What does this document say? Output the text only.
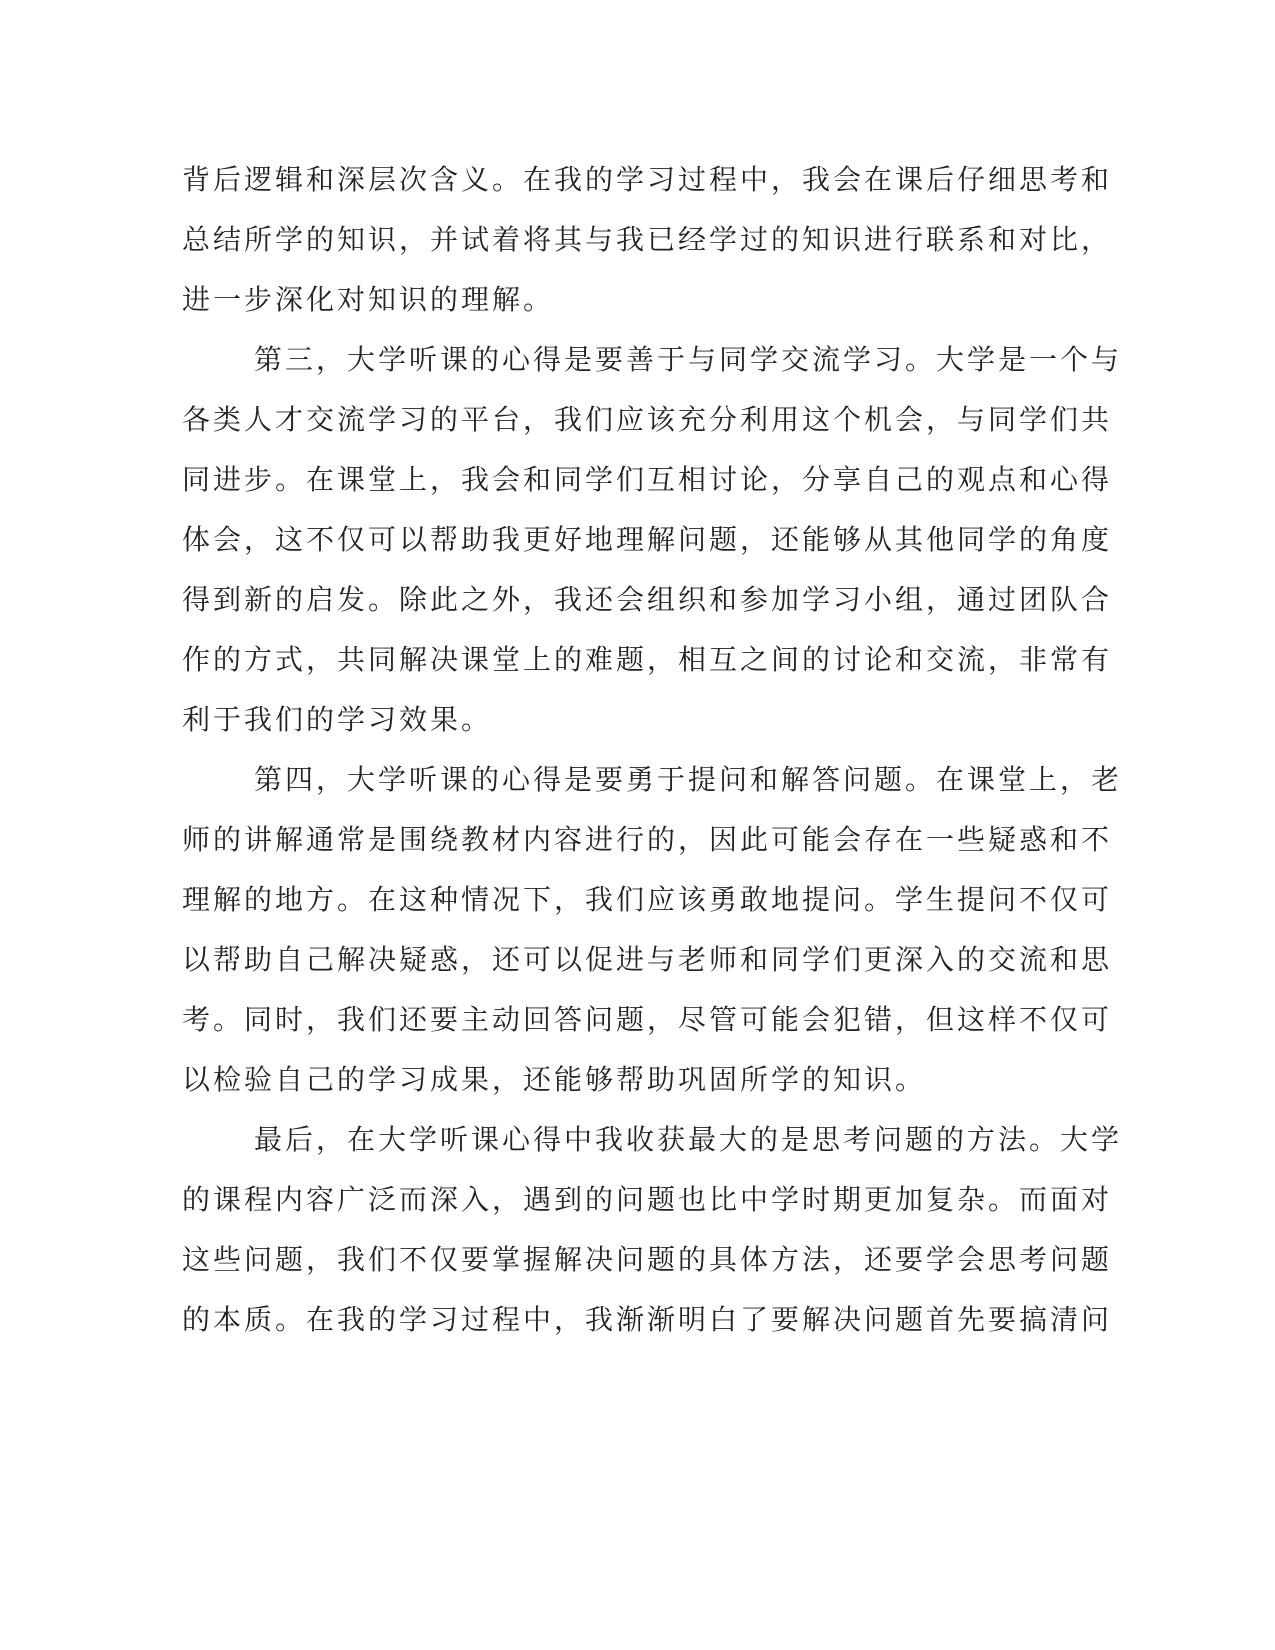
背后逻辑和深层次含义。在我的学习过程中，我会在课后仔细思考和
总结所学的知识，并试着将其与我已经学过的知识进行联系和对比，
进一步深化对知识的理解。
第三，大学听课的心得是要善于与同学交流学习。大学是一个与
各类人才交流学习的平台，我们应该充分利用这个机会，与同学们共
同进步。在课堂上，我会和同学们互相讨论，分享自己的观点和心得
体会，这不仅可以帮助我更好地理解问题，还能够从其他同学的角度
得到新的启发。除此之外，我还会组织和参加学习小组，通过团队合
作的方式，共同解决课堂上的难题，相互之间的讨论和交流，非常有
利于我们的学习效果。
第四，大学听课的心得是要勇于提问和解答问题。在课堂上，老
师的讲解通常是围绕教材内容进行的，因此可能会存在一些疑惑和不
理解的地方。在这种情况下，我们应该勇敢地提问。学生提问不仅可
以帮助自己解决疑惑，还可以促进与老师和同学们更深入的交流和思
考。同时，我们还要主动回答问题，尽管可能会犯错，但这样不仅可
以检验自己的学习成果，还能够帮助巩固所学的知识。
最后，在大学听课心得中我收获最大的是思考问题的方法。大学
的课程内容广泛而深入，遇到的问题也比中学时期更加复杂。而面对
这些问题，我们不仅要掌握解决问题的具体方法，还要学会思考问题
的本质。在我的学习过程中，我渐渐明白了要解决问题首先要搞清问
